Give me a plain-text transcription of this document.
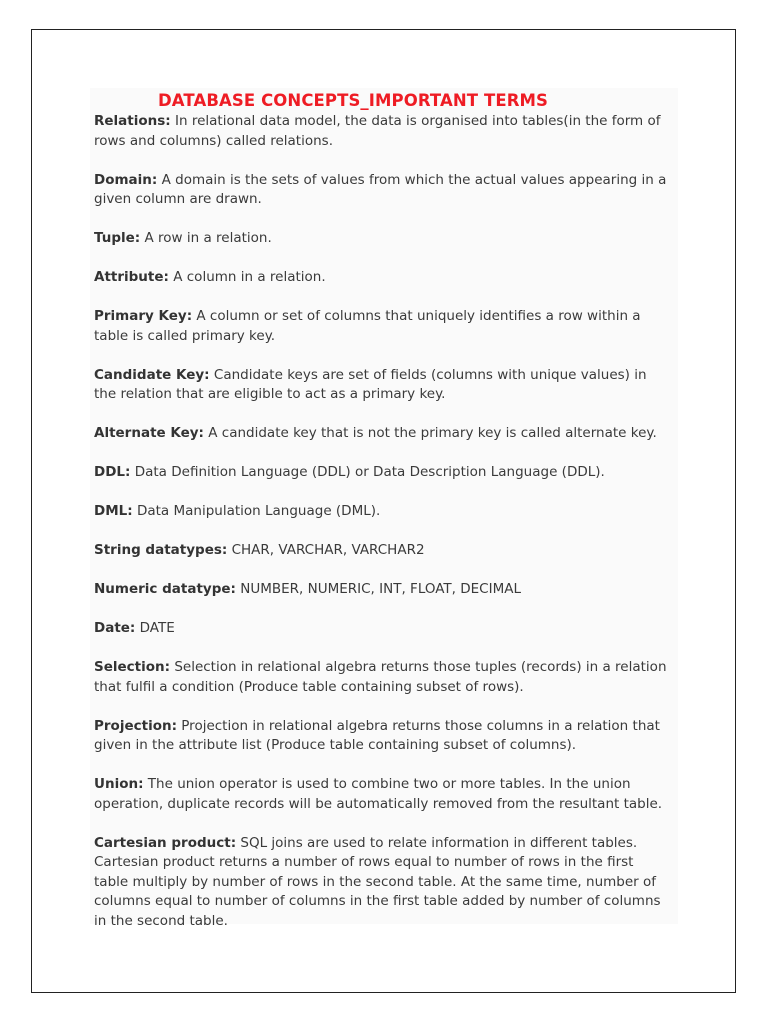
DATABASE CONCEPTS_IMPORTANT TERMS
Relations: In relational data model, the data is organised into tables(in the form of rows and columns) called relations.
Domain: A domain is the sets of values from which the actual values appearing in a given column are drawn.
Tuple: A row in a relation.
Attribute: A column in a relation.
Primary Key: A column or set of columns that uniquely identifies a row within a table is called primary key.
Candidate Key: Candidate keys are set of fields (columns with unique values) in the relation that are eligible to act as a primary key.
Alternate Key: A candidate key that is not the primary key is called alternate key.
DDL: Data Definition Language (DDL) or Data Description Language (DDL).
DML: Data Manipulation Language (DML).
String datatypes: CHAR, VARCHAR, VARCHAR2
Numeric datatype: NUMBER, NUMERIC, INT, FLOAT, DECIMAL
Date: DATE
Selection: Selection in relational algebra returns those tuples (records) in a relation that fulfil a condition (Produce table containing subset of rows).
Projection: Projection in relational algebra returns those columns in a relation that given in the attribute list (Produce table containing subset of columns).
Union: The union operator is used to combine two or more tables. In the union operation, duplicate records will be automatically removed from the resultant table.
Cartesian product: SQL joins are used to relate information in different tables. Cartesian product returns a number of rows equal to number of rows in the first table multiply by number of rows in the second table. At the same time, number of columns equal to number of columns in the first table added by number of columns in the second table.
